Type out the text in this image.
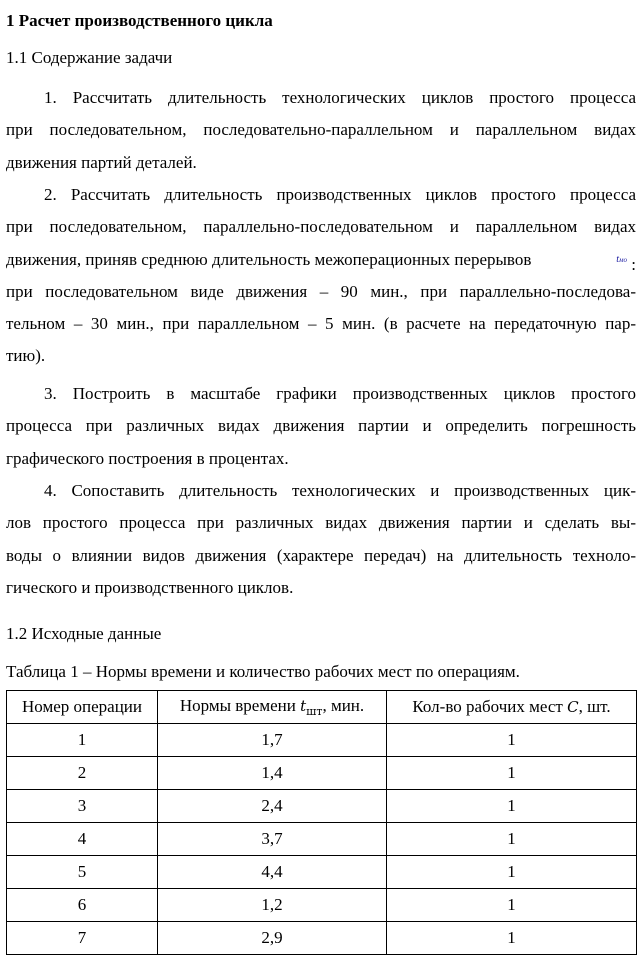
1 Расчет производственного цикла
1.1 Содержание задачи
1. Рассчитать длительность технологических циклов простого процесса
при последовательном, последовательно-параллельном и параллельном видах
движения партий деталей.
2. Рассчитать длительность производственных циклов простого процесса
при последовательном, параллельно-последовательном и параллельном видах
движения, приняв среднюю длительность межоперационных перерывов	$^{tмо}$ :
при последовательном виде движения – 90 мин., при параллельно-последова-
тельном – 30 мин., при параллельном – 5 мин. (в расчете на передаточную пар-
тию).
3. Построить в масштабе графики производственных циклов простого
процесса при различных видах движения партии и определить погрешность
графического построения в процентах.
4. Сопоставить длительность технологических и производственных цик-
лов простого процесса при различных видах движения партии и сделать вы-
воды о влиянии видов движения (характере передач) на длительность техноло-
гического и производственного циклов.
1.2 Исходные данные
Таблица 1 – Нормы времени и количество рабочих мест по операциям.
Номер операции	Нормы времени $t_{шт}$, мин.	Кол-во рабочих мест C, шт.
1	1,7	1
2	1,4	1
3	2,4	1
4	3,7	1
5	4,4	1
6	1,2	1
7	2,9	1
